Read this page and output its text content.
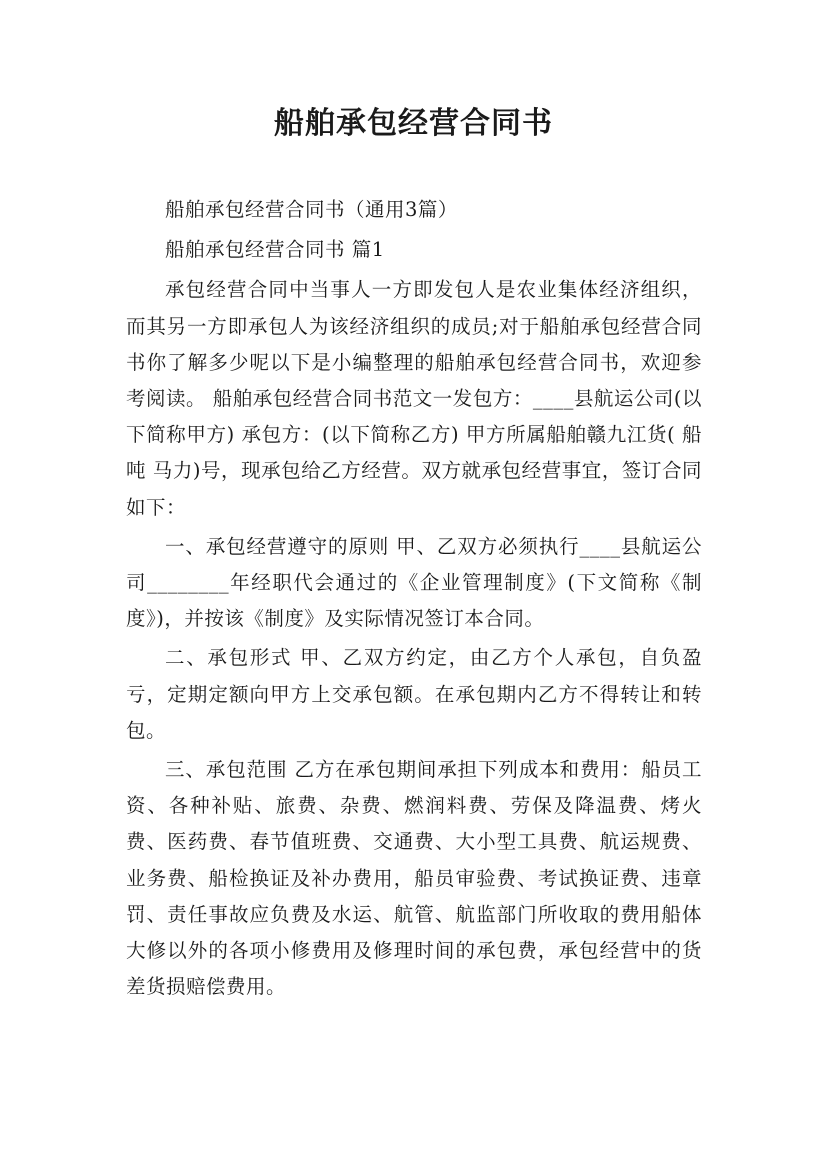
船舶承包经营合同书

船舶承包经营合同书（通用3篇）

船舶承包经营合同书 篇1

承包经营合同中当事人一方即发包人是农业集体经济组织，而其另一方即承包人为该经济组织的成员;对于船舶承包经营合同书你了解多少呢以下是小编整理的船舶承包经营合同书，欢迎参考阅读。 船舶承包经营合同书范文一发包方：____县航运公司(以下简称甲方) 承包方：(以下简称乙方) 甲方所属船舶赣九江货( 船 吨 马力)号，现承包给乙方经营。双方就承包经营事宜，签订合同如下：

一、承包经营遵守的原则 甲、乙双方必须执行____县航运公司________年经职代会通过的《企业管理制度》(下文简称《制度》)，并按该《制度》及实际情况签订本合同。

二、承包形式 甲、乙双方约定，由乙方个人承包，自负盈亏，定期定额向甲方上交承包额。在承包期内乙方不得转让和转包。

三、承包范围 乙方在承包期间承担下列成本和费用：船员工资、各种补贴、旅费、杂费、燃润料费、劳保及降温费、烤火费、医药费、春节值班费、交通费、大小型工具费、航运规费、业务费、船检换证及补办费用，船员审验费、考试换证费、违章罚、责任事故应负费及水运、航管、航监部门所收取的费用船体大修以外的各项小修费用及修理时间的承包费，承包经营中的货差货损赔偿费用。
